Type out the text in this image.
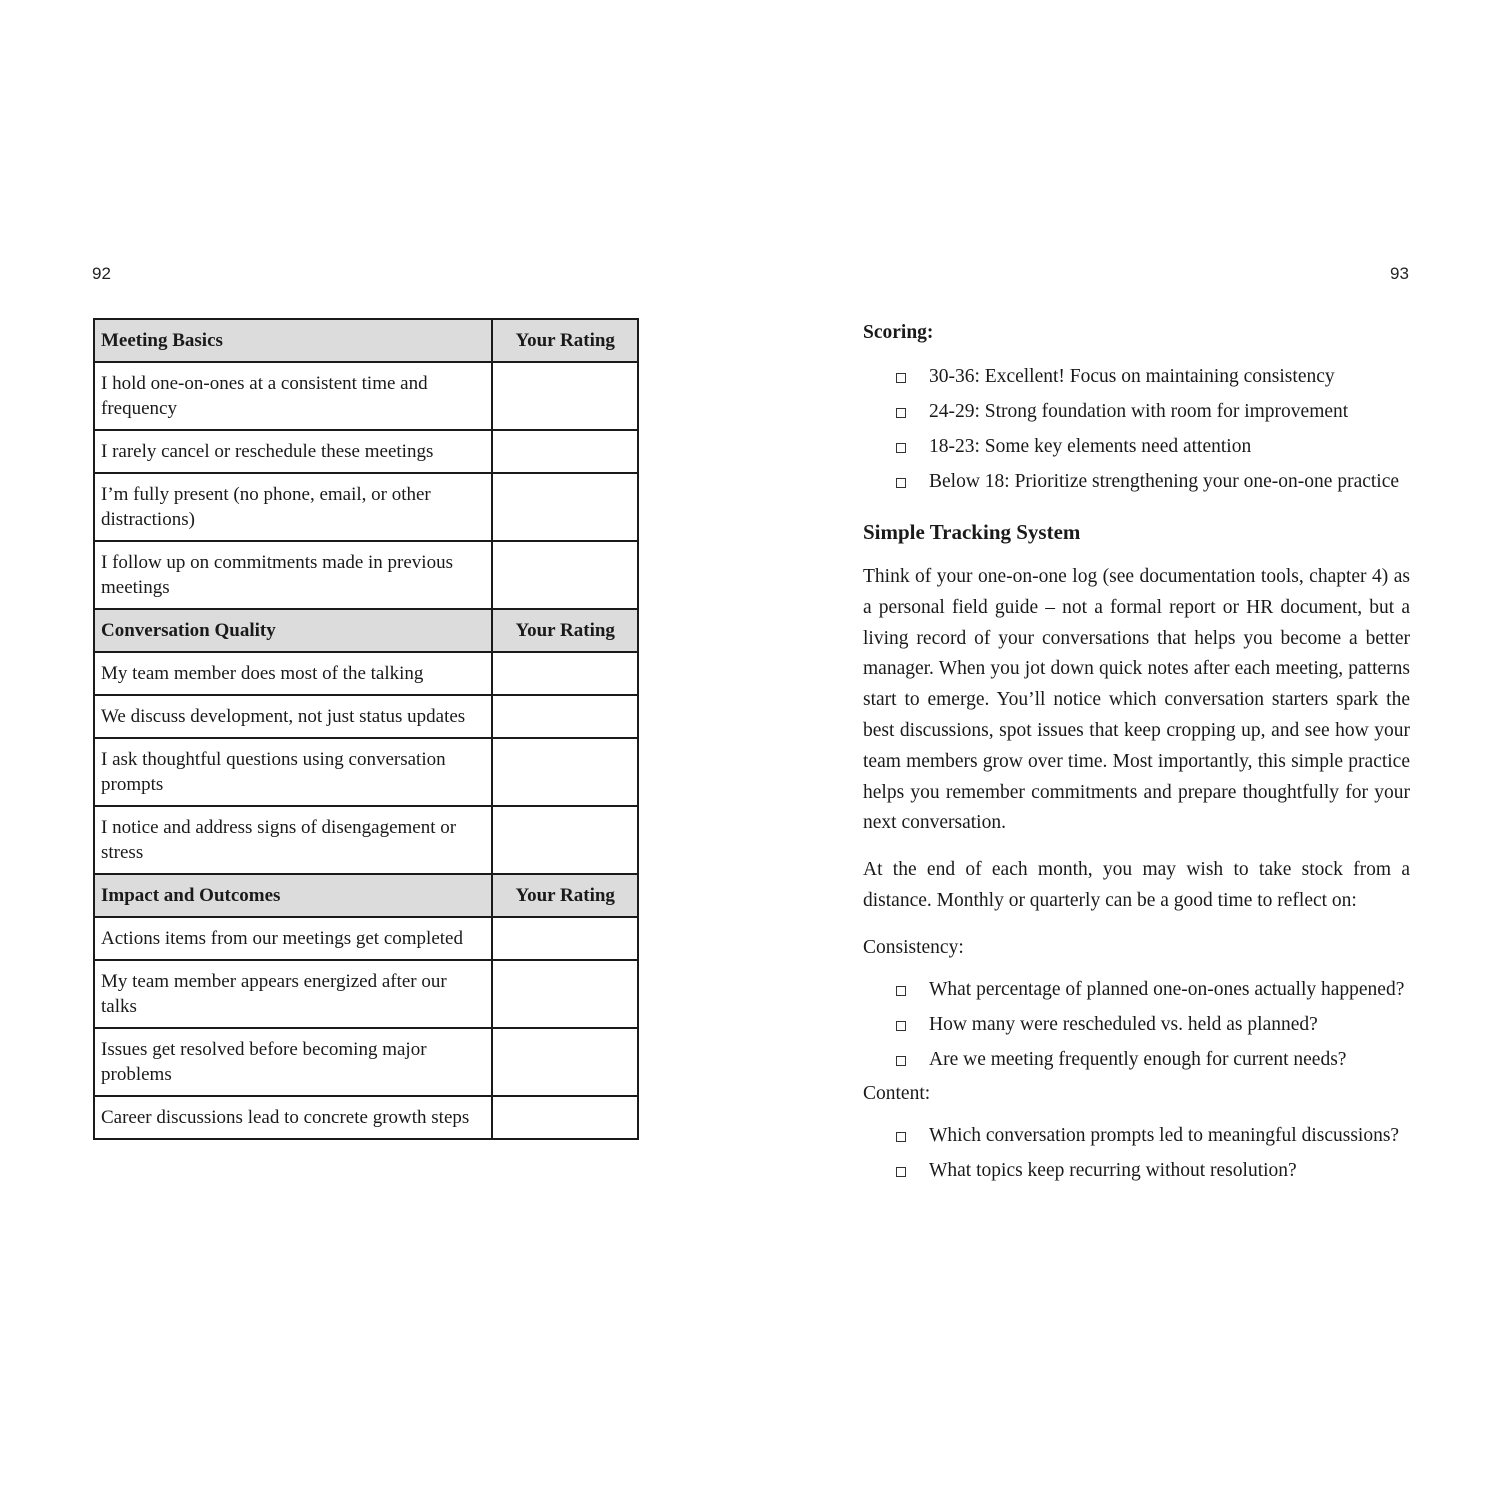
92	93
Meeting Basics	Your Rating
I hold one-on-ones at a consistent time and frequency	
I rarely cancel or reschedule these meetings	
I’m fully present (no phone, email, or other distractions)	
I follow up on commitments made in previous meetings	
Conversation Quality	Your Rating
My team member does most of the talking	
We discuss development, not just status updates	
I ask thoughtful questions using conversation prompts	
I notice and address signs of disengagement or stress	
Impact and Outcomes	Your Rating
Actions items from our meetings get completed	
My team member appears energized after our talks	
Issues get resolved before becoming major problems	
Career discussions lead to concrete growth steps	

Scoring:

30-36: Excellent! Focus on maintaining consistency
24-29: Strong foundation with room for improvement
18-23: Some key elements need attention
Below 18: Prioritize strengthening your one-on-one practice

Simple Tracking System

Think of your one-on-one log (see documentation tools, chapter 4) as a personal field guide – not a formal report or HR document, but a living record of your conversations that helps you become a better manager. When you jot down quick notes after each meeting, patterns start to emerge. You’ll notice which conversation starters spark the best discussions, spot issues that keep cropping up, and see how your team members grow over time. Most importantly, this simple practice helps you remember commitments and prepare thoughtfully for your next conversation.

At the end of each month, you may wish to take stock from a distance. Monthly or quarterly can be a good time to reflect on:

Consistency:

What percentage of planned one-on-ones actually happened?
How many were rescheduled vs. held as planned?
Are we meeting frequently enough for current needs?

Content:

Which conversation prompts led to meaningful discussions?
What topics keep recurring without resolution?
